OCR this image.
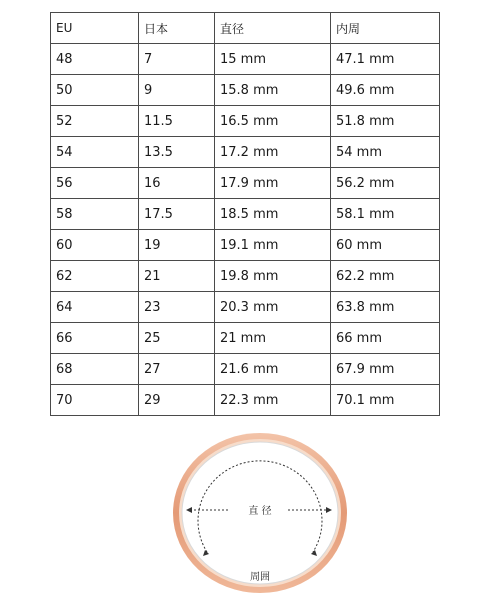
EU	日本	直径	内周
48	7	15 mm	47.1 mm
50	9	15.8 mm	49.6 mm
52	11.5	16.5 mm	51.8 mm
54	13.5	17.2 mm	54 mm
56	16	17.9 mm	56.2 mm
58	17.5	18.5 mm	58.1 mm
60	19	19.1 mm	60 mm
62	21	19.8 mm	62.2 mm
64	23	20.3 mm	63.8 mm
66	25	21 mm	66 mm
68	27	21.6 mm	67.9 mm
70	29	22.3 mm	70.1 mm
直 径
周囲
